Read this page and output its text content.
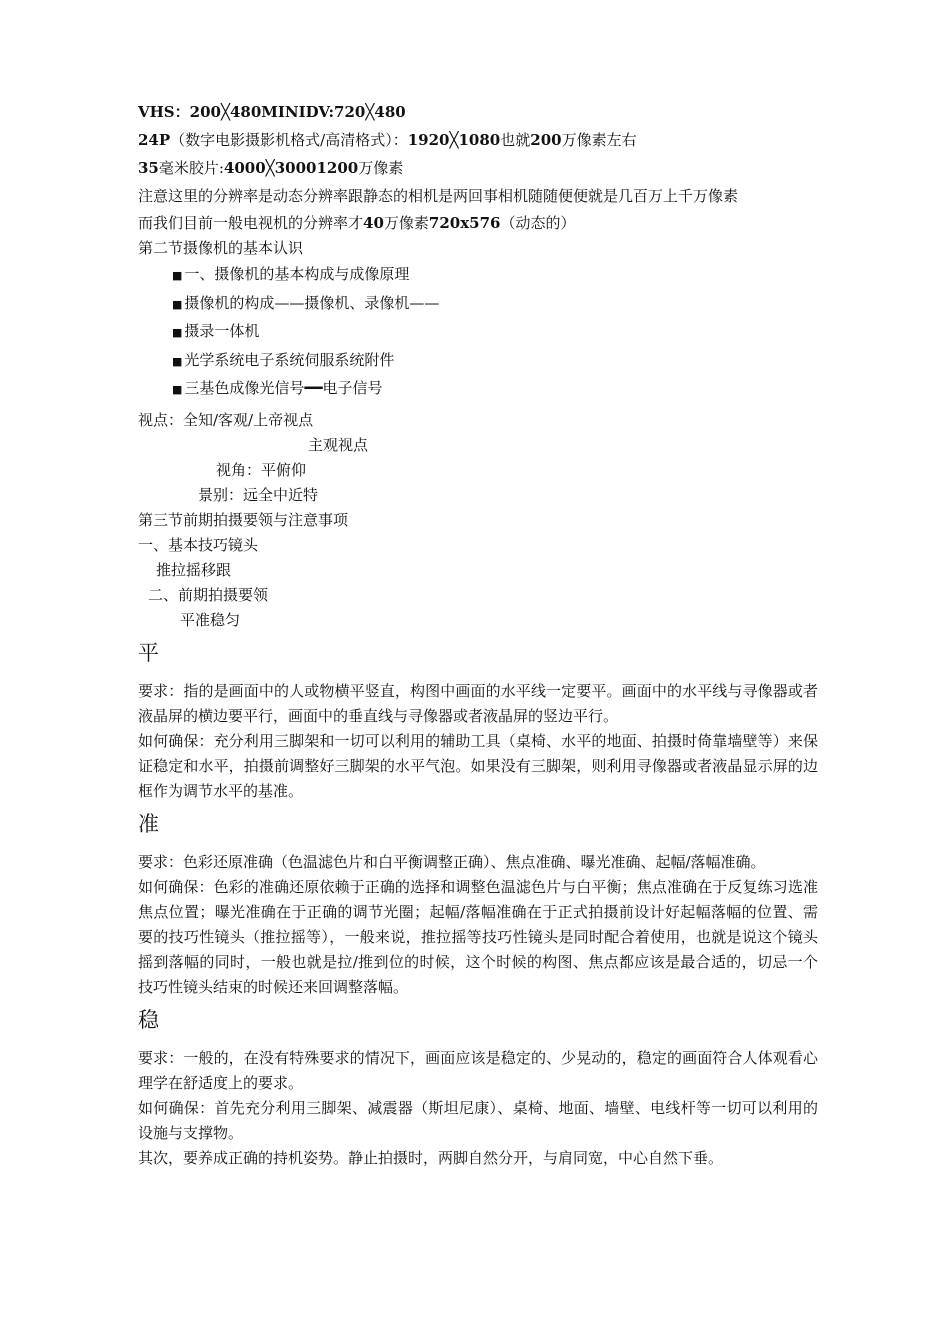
VHS：200╳480MINIDV:720╳480

24P（数字电影摄影机格式/高清格式）：1920╳1080也就200万像素左右

35毫米胶片:4000╳30001200万像素

注意这里的分辨率是动态分辨率跟静态的相机是两回事相机随随便便就是几百万上千万像素

而我们目前一般电视机的分辨率才40万像素720x576（动态的）

第二节摄像机的基本认识

■ 一、摄像机的基本构成与成像原理

■ 摄像机的构成——摄像机、录像机——

■ 摄录一体机

■ 光学系统电子系统伺服系统附件

■ 三基色成像光信号━━电子信号

视点：全知/客观/上帝视点

主观视点

视角：平俯仰

景别：远全中近特

第三节前期拍摄要领与注意事项

一、基本技巧镜头

推拉摇移跟

二、前期拍摄要领

平准稳匀

平

要求：指的是画面中的人或物横平竖直，构图中画面的水平线一定要平。画面中的水平线与寻像器或者液晶屏的横边要平行，画面中的垂直线与寻像器或者液晶屏的竖边平行。

如何确保：充分利用三脚架和一切可以利用的辅助工具（桌椅、水平的地面、拍摄时倚靠墙壁等）来保证稳定和水平，拍摄前调整好三脚架的水平气泡。如果没有三脚架，则利用寻像器或者液晶显示屏的边框作为调节水平的基准。

准

要求：色彩还原准确（色温滤色片和白平衡调整正确）、焦点准确、曝光准确、起幅/落幅准确。

如何确保：色彩的准确还原依赖于正确的选择和调整色温滤色片与白平衡；焦点准确在于反复练习选准焦点位置；曝光准确在于正确的调节光圈；起幅/落幅准确在于正式拍摄前设计好起幅落幅的位置、需要的技巧性镜头（推拉摇等），一般来说，推拉摇等技巧性镜头是同时配合着使用，也就是说这个镜头摇到落幅的同时，一般也就是拉/推到位的时候，这个时候的构图、焦点都应该是最合适的，切忌一个技巧性镜头结束的时候还来回调整落幅。

稳

要求：一般的，在没有特殊要求的情况下，画面应该是稳定的、少晃动的，稳定的画面符合人体观看心理学在舒适度上的要求。

如何确保：首先充分利用三脚架、减震器（斯坦尼康）、桌椅、地面、墙壁、电线杆等一切可以利用的设施与支撑物。

其次，要养成正确的持机姿势。静止拍摄时，两脚自然分开，与肩同宽，中心自然下垂。
